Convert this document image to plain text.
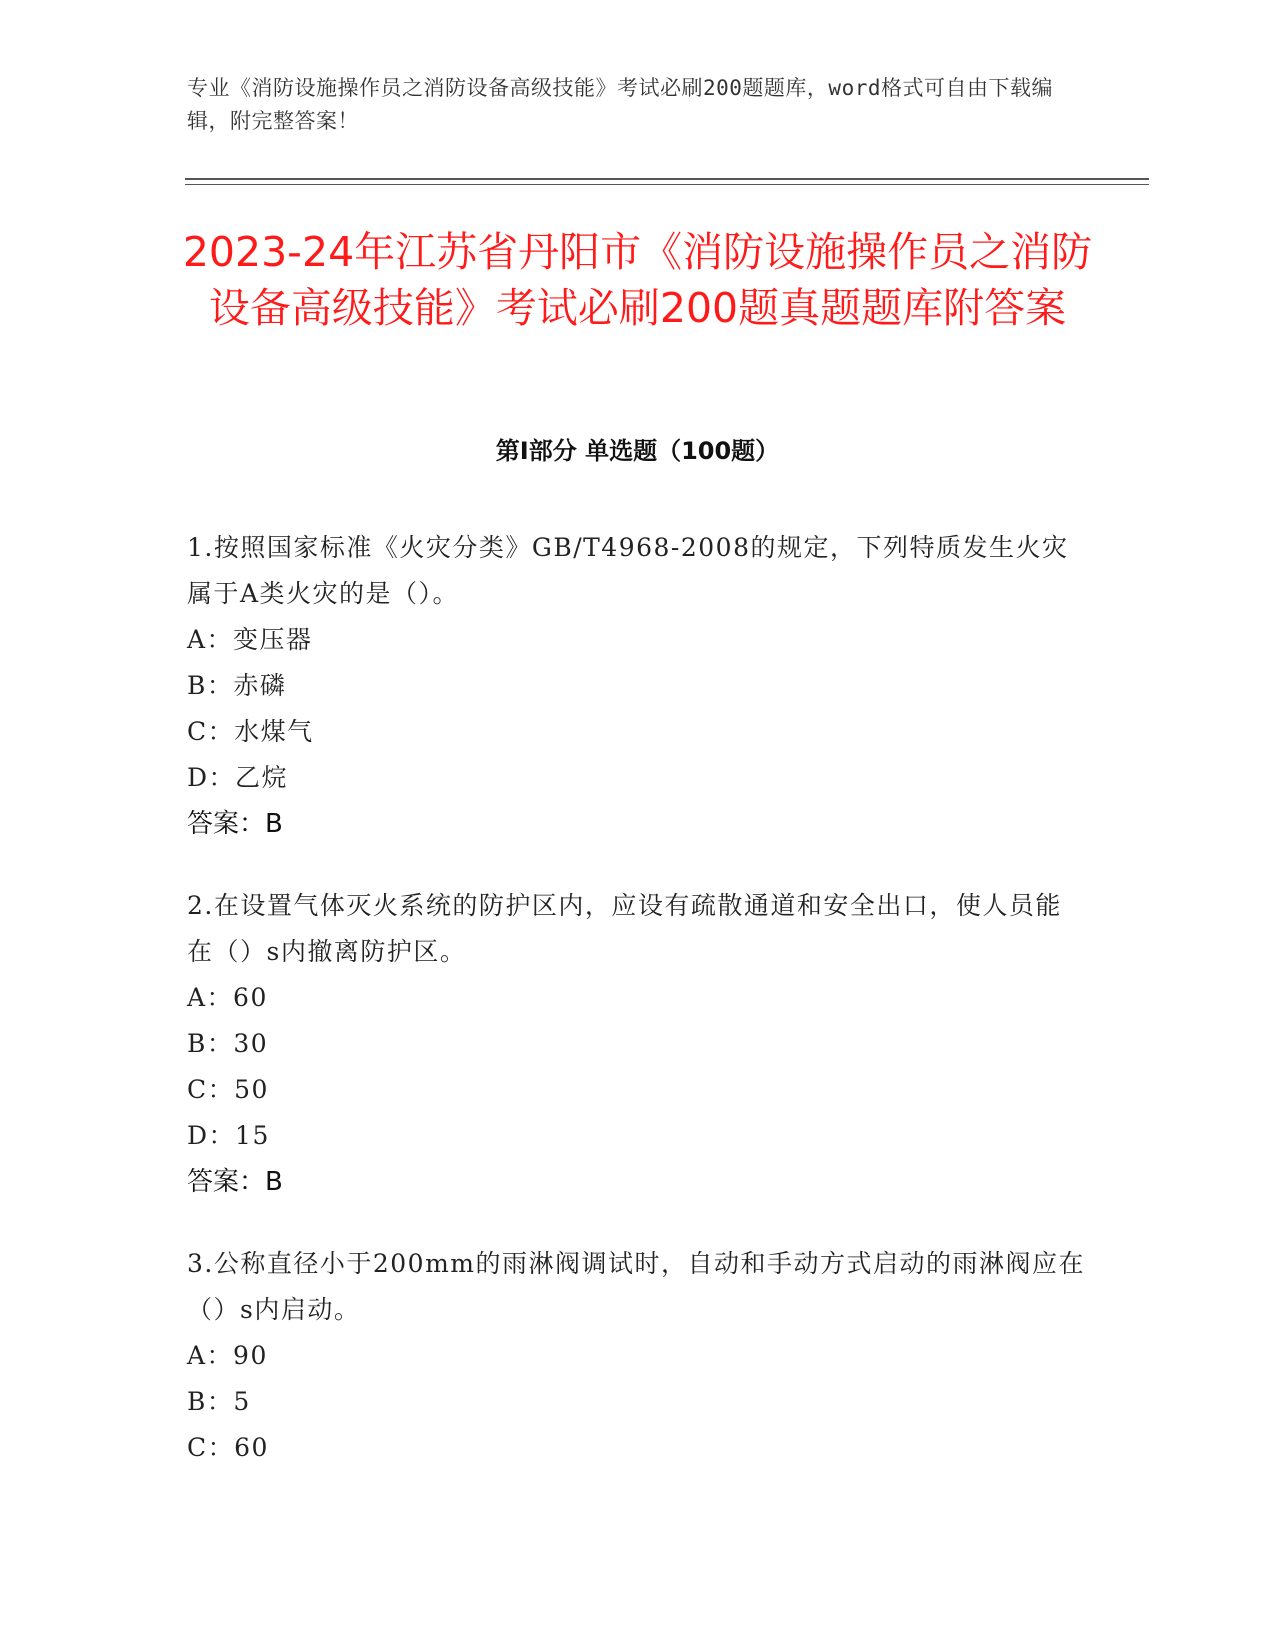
专业《消防设施操作员之消防设备高级技能》考试必刷200题题库，word格式可自由下载编辑，附完整答案！
2023-24年江苏省丹阳市《消防设施操作员之消防设备高级技能》考试必刷200题真题题库附答案
第I部分 单选题（100题）

1.按照国家标准《火灾分类》GB/T4968-2008的规定，下列特质发生火灾属于A类火灾的是（）。

A：变压器

B：赤磷

C：水煤气

D：乙烷

答案：B

2.在设置气体灭火系统的防护区内，应设有疏散通道和安全出口，使人员能在（）s内撤离防护区。

A：60

B：30

C：50

D：15

答案：B

3.公称直径小于200mm的雨淋阀调试时，自动和手动方式启动的雨淋阀应在（）s内启动。

A：90

B：5

C：60
